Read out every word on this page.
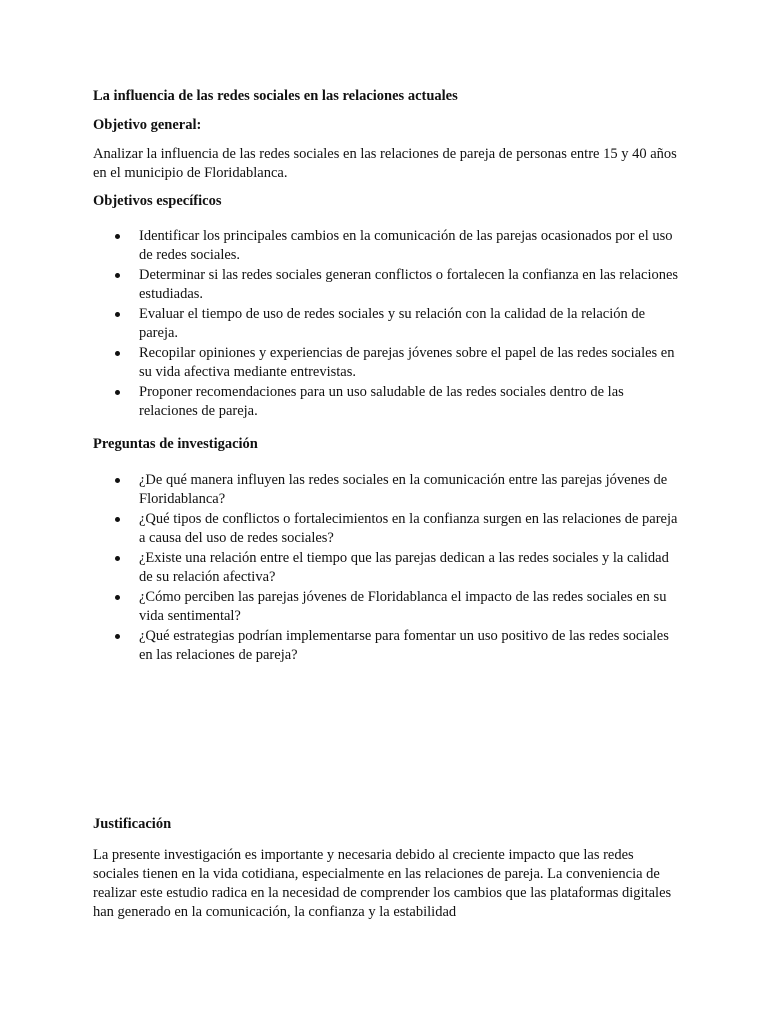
La influencia de las redes sociales en las relaciones actuales
Objetivo general:

Analizar la influencia de las redes sociales en las relaciones de pareja de personas entre 15 y 40 años en el municipio de Floridablanca.

Objetivos específicos
Identificar los principales cambios en la comunicación de las parejas ocasionados por el uso de redes sociales.
Determinar si las redes sociales generan conflictos o fortalecen la confianza en las relaciones estudiadas.
Evaluar el tiempo de uso de redes sociales y su relación con la calidad de la relación de pareja.
Recopilar opiniones y experiencias de parejas jóvenes sobre el papel de las redes sociales en su vida afectiva mediante entrevistas.
Proponer recomendaciones para un uso saludable de las redes sociales dentro de las relaciones de pareja.
Preguntas de investigación
¿De qué manera influyen las redes sociales en la comunicación entre las parejas jóvenes de Floridablanca?
¿Qué tipos de conflictos o fortalecimientos en la confianza surgen en las relaciones de pareja a causa del uso de redes sociales?
¿Existe una relación entre el tiempo que las parejas dedican a las redes sociales y la calidad de su relación afectiva?
¿Cómo perciben las parejas jóvenes de Floridablanca el impacto de las redes sociales en su vida sentimental?
¿Qué estrategias podrían implementarse para fomentar un uso positivo de las redes sociales en las relaciones de pareja?
Justificación

La presente investigación es importante y necesaria debido al creciente impacto que las redes sociales tienen en la vida cotidiana, especialmente en las relaciones de pareja. La conveniencia de realizar este estudio radica en la necesidad de comprender los cambios que las plataformas digitales han generado en la comunicación, la confianza y la estabilidad
